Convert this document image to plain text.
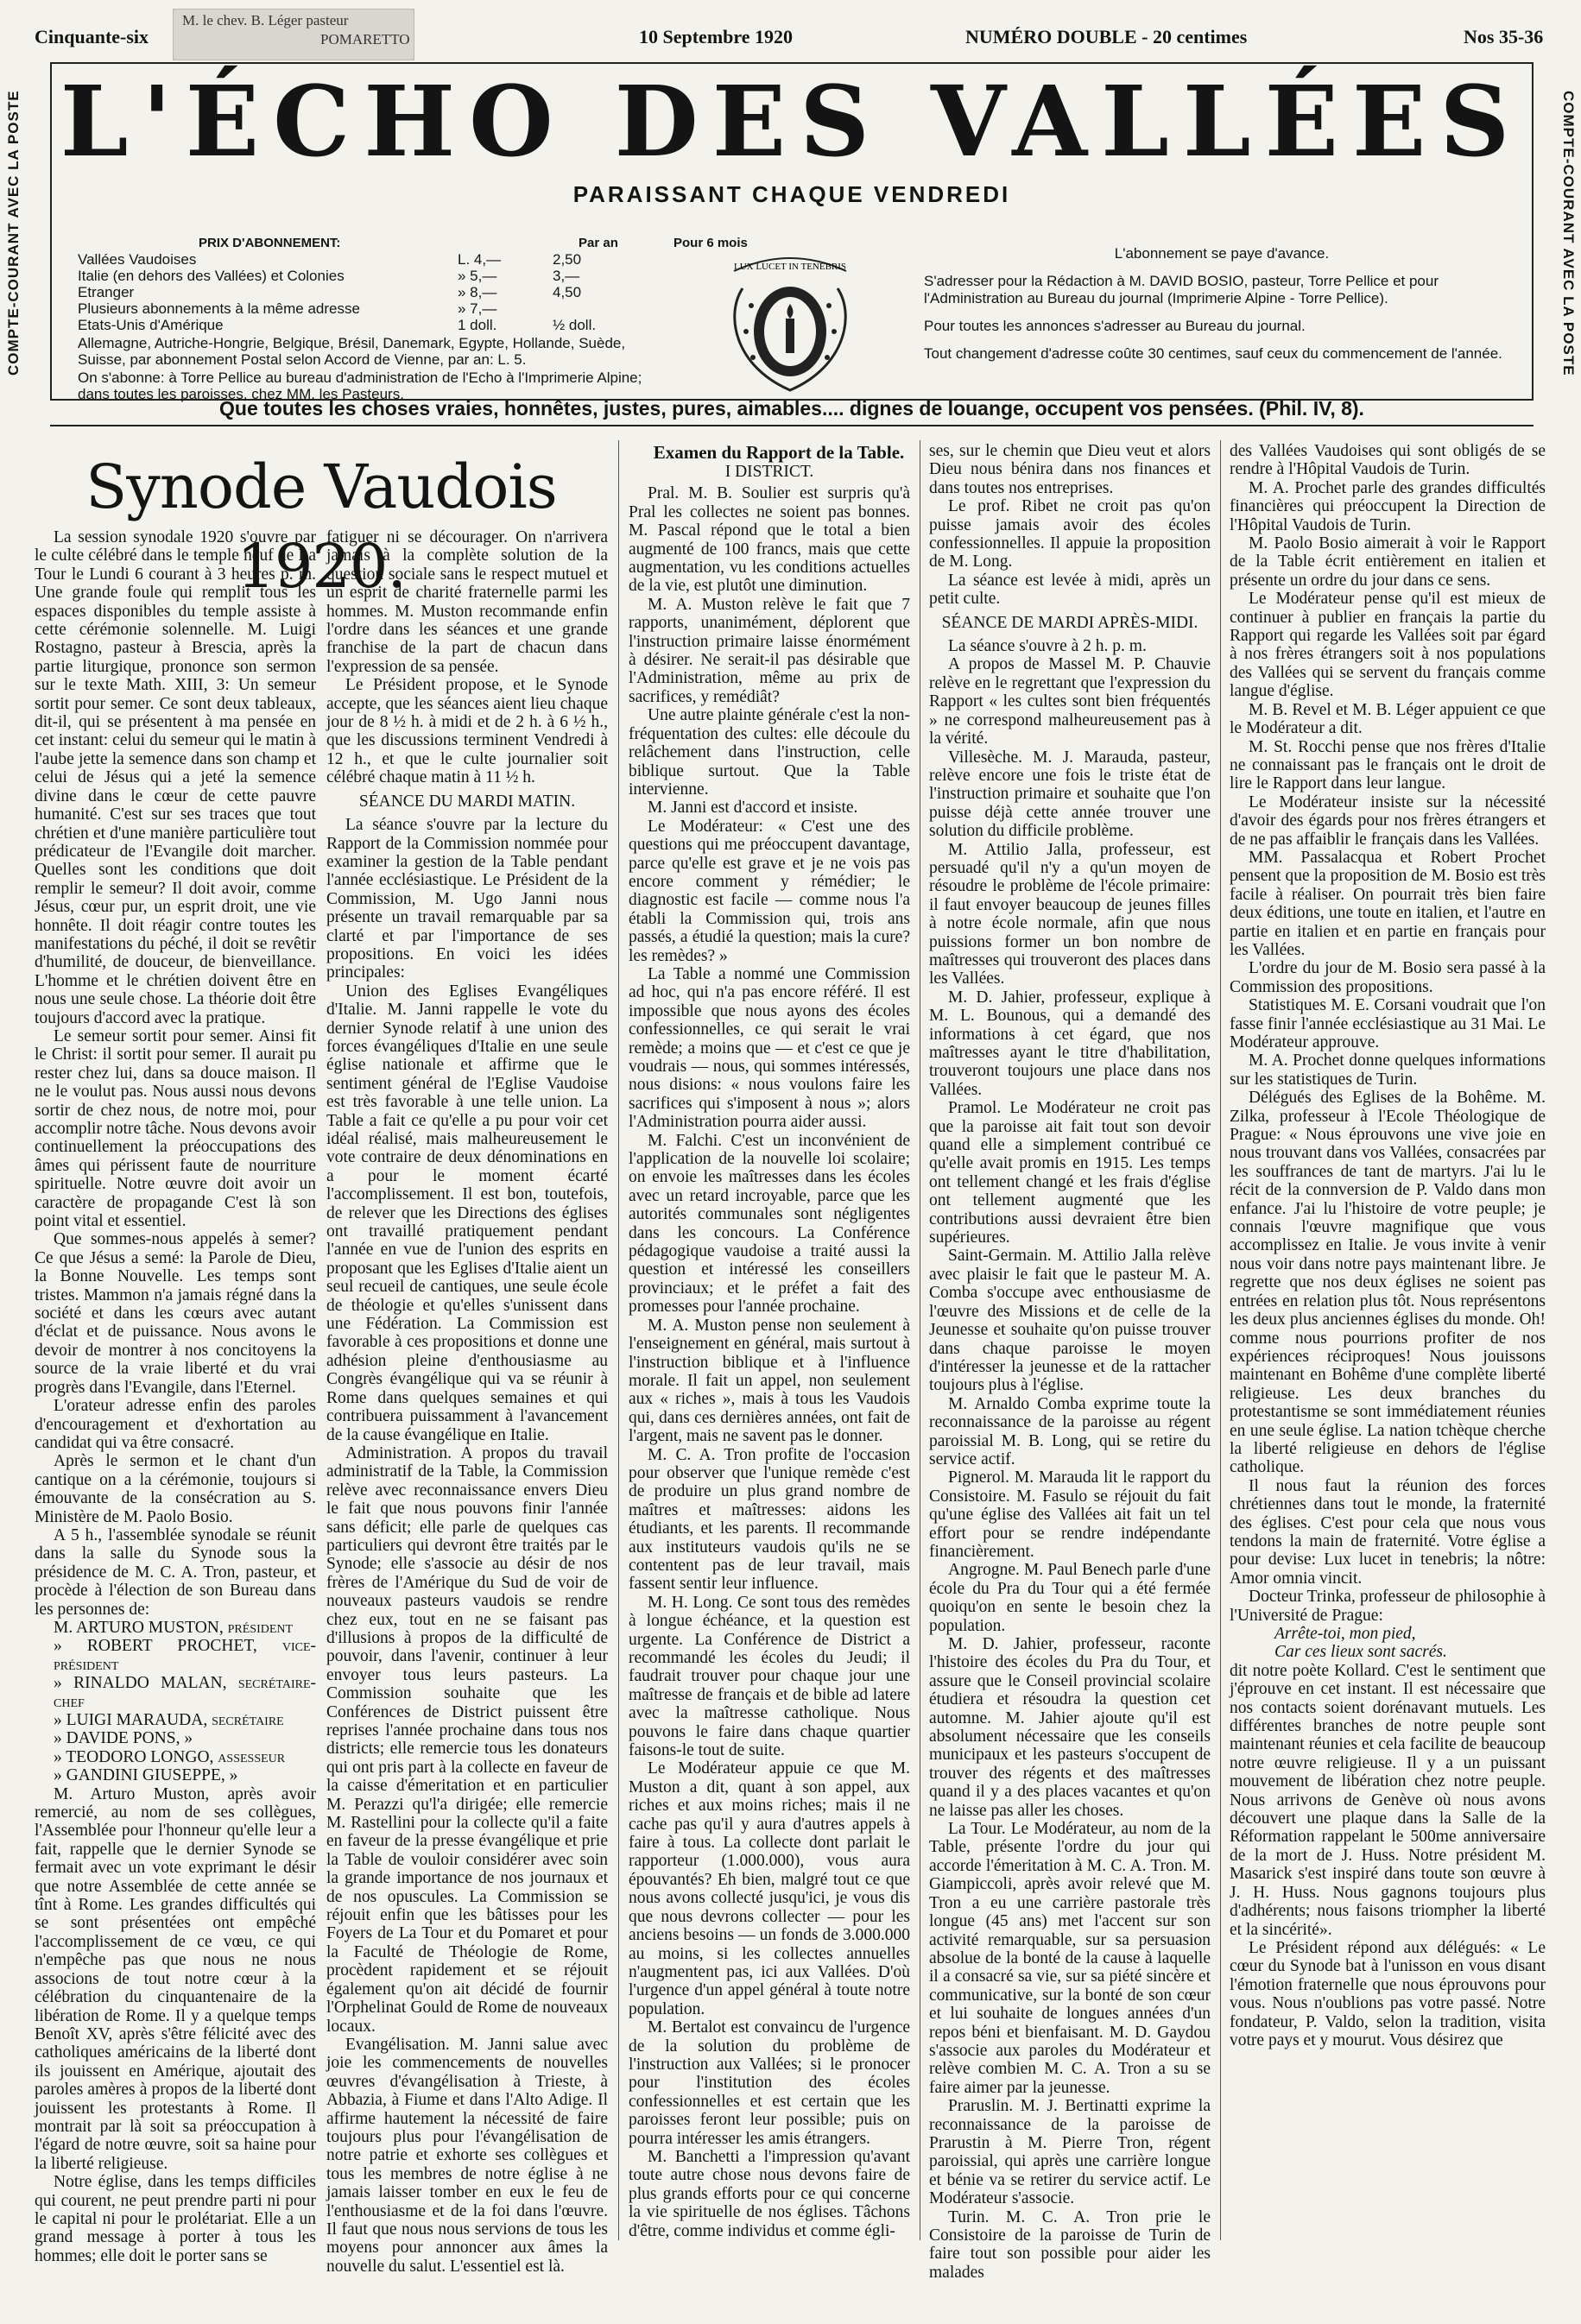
Cinquante-six	10 Septembre 1920	NUMÉRO DOUBLE - 20 centimes	Nos 35-36
M. le chev. B. Léger pasteur
POMARETTO
COMPTE-COURANT AVEC LA POSTE	COMPTE-COURANT AVEC LA POSTE
L'ÉCHO DES VALLÉES
PARAISSANT CHAQUE VENDREDI
PRIX D'ABONNEMENT:	Par an	Pour 6 mois
Vallées Vaudoises	L. 4,—	2,50
Italie (en dehors des Vallées) et Colonies	» 5,—	3,—
Etranger	» 8,—	4,50
Plusieurs abonnements à la même adresse	» 7,—
Etats-Unis d'Amérique	1 doll.	½ doll.
Allemagne, Autriche-Hongrie, Belgique, Brésil, Danemark, Egypte, Hollande, Suède, Suisse, par abonnement Postal selon Accord de Vienne, par an: L. 5.
On s'abonne: à Torre Pellice au bureau d'administration de l'Echo à l'Imprimerie Alpine; dans toutes les paroisses, chez MM. les Pasteurs.
LUX LUCET IN TENEBRIS

L'abonnement se paye d'avance.

S'adresser pour la Rédaction à M. DAVID BOSIO, pasteur, Torre Pellice et pour l'Administration au Bureau du journal (Imprimerie Alpine - Torre Pellice).

Pour toutes les annonces s'adresser au Bureau du journal.

Tout changement d'adresse coûte 30 centimes, sauf ceux du commencement de l'année.

Que toutes les choses vraies, honnêtes, justes, pures, aimables.... dignes de louange, occupent vos pensées. (Phil. IV, 8).
Synode Vaudois 1920.

La session synodale 1920 s'ouvre par le culte célébré dans le temple neuf de La Tour le Lundi 6 courant à 3 heures p. m. Une grande foule qui remplit tous les espaces disponibles du temple assiste à cette cérémonie solennelle. M. Luigi Rostagno, pasteur à Brescia, après la partie liturgique, prononce son sermon sur le texte Math. XIII, 3: Un semeur sortit pour semer. Ce sont deux tableaux, dit-il, qui se présentent à ma pensée en cet instant: celui du semeur qui le matin à l'aube jette la semence dans son champ et celui de Jésus qui a jeté la semence divine dans le cœur de cette pauvre humanité. C'est sur ses traces que tout chrétien et d'une manière particulière tout prédicateur de l'Evangile doit marcher. Quelles sont les conditions que doit remplir le semeur? Il doit avoir, comme Jésus, cœur pur, un esprit droit, une vie honnête. Il doit réagir contre toutes les manifestations du péché, il doit se revêtir d'humilité, de douceur, de bienveillance. L'homme et le chrétien doivent être en nous une seule chose. La théorie doit être toujours d'accord avec la pratique.

Le semeur sortit pour semer. Ainsi fit le Christ: il sortit pour semer. Il aurait pu rester chez lui, dans sa douce maison. Il ne le voulut pas. Nous aussi nous devons sortir de chez nous, de notre moi, pour accomplir notre tâche. Nous devons avoir continuellement la préoccupations des âmes qui périssent faute de nourriture spirituelle. Notre œuvre doit avoir un caractère de propagande C'est là son point vital et essentiel.

Que sommes-nous appelés à semer? Ce que Jésus a semé: la Parole de Dieu, la Bonne Nouvelle. Les temps sont tristes. Mammon n'a jamais régné dans la société et dans les cœurs avec autant d'éclat et de puissance. Nous avons le devoir de montrer à nos concitoyens la source de la vraie liberté et du vrai progrès dans l'Evangile, dans l'Eternel.

L'orateur adresse enfin des paroles d'encouragement et d'exhortation au candidat qui va être consacré.

Après le sermon et le chant d'un cantique on a la cérémonie, toujours si émouvante de la consécration au S. Ministère de M. Paolo Bosio.

A 5 h., l'assemblée synodale se réunit dans la salle du Synode sous la présidence de M. C. A. Tron, pasteur, et procède à l'élection de son Bureau dans les personnes de:

M. ARTURO MUSTON, président

» ROBERT PROCHET, vice-président

» RINALDO MALAN, secrétaire-chef

» LUIGI MARAUDA, secrétaire

» DAVIDE PONS, »

» TEODORO LONGO, assesseur

» GANDINI GIUSEPPE, »

M. Arturo Muston, après avoir remercié, au nom de ses collègues, l'Assemblée pour l'honneur qu'elle leur a fait, rappelle que le dernier Synode se fermait avec un vote exprimant le désir que notre Assemblée de cette année se tînt à Rome. Les grandes difficultés qui se sont présentées ont empêché l'accomplissement de ce vœu, ce qui n'empêche pas que nous ne nous associons de tout notre cœur à la célébration du cinquantenaire de la libération de Rome. Il y a quelque temps Benoît XV, après s'être félicité avec des catholiques américains de la liberté dont ils jouissent en Amérique, ajoutait des paroles amères à propos de la liberté dont jouissent les protestants à Rome. Il montrait par là soit sa préoccupation à l'égard de notre œuvre, soit sa haine pour la liberté religieuse.

Notre église, dans les temps difficiles qui courent, ne peut prendre parti ni pour le capital ni pour le prolétariat. Elle a un grand message à porter à tous les hommes; elle doit le porter sans se

fatiguer ni se décourager. On n'arrivera jamais à la complète solution de la question sociale sans le respect mutuel et un esprit de charité fraternelle parmi les hommes. M. Muston recommande enfin l'ordre dans les séances et une grande franchise de la part de chacun dans l'expression de sa pensée.

Le Président propose, et le Synode accepte, que les séances aient lieu chaque jour de 8 ½ h. à midi et de 2 h. à 6 ½ h., que les discussions terminent Vendredi à 12 h., et que le culte journalier soit célébré chaque matin à 11 ½ h.

SÉANCE DU MARDI MATIN.

La séance s'ouvre par la lecture du Rapport de la Commission nommée pour examiner la gestion de la Table pendant l'année ecclésiastique. Le Président de la Commission, M. Ugo Janni nous présente un travail remarquable par sa clarté et par l'importance de ses propositions. En voici les idées principales:

Union des Eglises Evangéliques d'Italie. M. Janni rappelle le vote du dernier Synode relatif à une union des forces évangéliques d'Italie en une seule église nationale et affirme que le sentiment général de l'Eglise Vaudoise est très favorable à une telle union. La Table a fait ce qu'elle a pu pour voir cet idéal réalisé, mais malheureusement le vote contraire de deux dénominations en a pour le moment écarté l'accomplissement. Il est bon, toutefois, de relever que les Directions des églises ont travaillé pratiquement pendant l'année en vue de l'union des esprits en proposant que les Eglises d'Italie aient un seul recueil de cantiques, une seule école de théologie et qu'elles s'unissent dans une Fédération. La Commission est favorable à ces propositions et donne une adhésion pleine d'enthousiasme au Congrès évangélique qui va se réunir à Rome dans quelques semaines et qui contribuera puissamment à l'avancement de la cause évangélique en Italie.

Administration. A propos du travail administratif de la Table, la Commission relève avec reconnaissance envers Dieu le fait que nous pouvons finir l'année sans déficit; elle parle de quelques cas particuliers qui devront être traités par le Synode; elle s'associe au désir de nos frères de l'Amérique du Sud de voir de nouveaux pasteurs vaudois se rendre chez eux, tout en ne se faisant pas d'illusions à propos de la difficulté de pouvoir, dans l'avenir, continuer à leur envoyer tous leurs pasteurs. La Commission souhaite que les Conférences de District puissent être reprises l'année prochaine dans tous nos districts; elle remercie tous les donateurs qui ont pris part à la collecte en faveur de la caisse d'émeritation et en particulier M. Perazzi qu'l'a dirigée; elle remercie M. Rastellini pour la collecte qu'il a faite en faveur de la presse évangélique et prie la Table de vouloir considérer avec soin la grande importance de nos journaux et de nos opuscules. La Commission se réjouit enfin que les bâtisses pour les Foyers de La Tour et du Pomaret et pour la Faculté de Théologie de Rome, procèdent rapidement et se réjouit également qu'on ait décidé de fournir l'Orphelinat Gould de Rome de nouveaux locaux.

Evangélisation. M. Janni salue avec joie les commencements de nouvelles œuvres d'évangélisation à Trieste, à Abbazia, à Fiume et dans l'Alto Adige. Il affirme hautement la nécessité de faire toujours plus pour l'évangélisation de notre patrie et exhorte ses collègues et tous les membres de notre église à ne jamais laisser tomber en eux le feu de l'enthousiasme et de la foi dans l'œuvre. Il faut que nous nous servions de tous les moyens pour annoncer aux âmes la nouvelle du salut. L'essentiel est là.

Examen du Rapport de la Table.

I DISTRICT.

Pral. M. B. Soulier est surpris qu'à Pral les collectes ne soient pas bonnes. M. Pascal répond que le total a bien augmenté de 100 francs, mais que cette augmentation, vu les conditions actuelles de la vie, est plutôt une diminution.

M. A. Muston relève le fait que 7 rapports, unanimément, déplorent que l'instruction primaire laisse énormément à désirer. Ne serait-il pas désirable que l'Administration, même au prix de sacrifices, y remédiât?

Une autre plainte générale c'est la non-fréquentation des cultes: elle découle du relâchement dans l'instruction, celle biblique surtout. Que la Table intervienne.

M. Janni est d'accord et insiste.

Le Modérateur: « C'est une des questions qui me préoccupent davantage, parce qu'elle est grave et je ne vois pas encore comment y rémédier; le diagnostic est facile — comme nous l'a établi la Commission qui, trois ans passés, a étudié la question; mais la cure? les remèdes? »

La Table a nommé une Commission ad hoc, qui n'a pas encore référé. Il est impossible que nous ayons des écoles confessionnelles, ce qui serait le vrai remède; a moins que — et c'est ce que je voudrais — nous, qui sommes intéressés, nous disions: « nous voulons faire les sacrifices qui s'imposent à nous »; alors l'Administration pourra aider aussi.

M. Falchi. C'est un inconvénient de l'application de la nouvelle loi scolaire; on envoie les maîtresses dans les écoles avec un retard incroyable, parce que les autorités communales sont négligentes dans les concours. La Conférence pédagogique vaudoise a traité aussi la question et intéressé les conseillers provinciaux; et le préfet a fait des promesses pour l'année prochaine.

M. A. Muston pense non seulement à l'enseignement en général, mais surtout à l'instruction biblique et à l'influence morale. Il fait un appel, non seulement aux « riches », mais à tous les Vaudois qui, dans ces dernières années, ont fait de l'argent, mais ne savent pas le donner.

M. C. A. Tron profite de l'occasion pour observer que l'unique remède c'est de produire un plus grand nombre de maîtres et maîtresses: aidons les étudiants, et les parents. Il recommande aux instituteurs vaudois qu'ils ne se contentent pas de leur travail, mais fassent sentir leur influence.

M. H. Long. Ce sont tous des remèdes à longue échéance, et la question est urgente. La Conférence de District a recommandé les écoles du Jeudi; il faudrait trouver pour chaque jour une maîtresse de français et de bible ad latere avec la maîtresse catholique. Nous pouvons le faire dans chaque quartier faisons-le tout de suite.

Le Modérateur appuie ce que M. Muston a dit, quant à son appel, aux riches et aux moins riches; mais il ne cache pas qu'il y aura d'autres appels à faire à tous. La collecte dont parlait le rapporteur (1.000.000), vous aura épouvantés? Eh bien, malgré tout ce que nous avons collecté jusqu'ici, je vous dis que nous devrons collecter — pour les anciens besoins — un fonds de 3.000.000 au moins, si les collectes annuelles n'augmentent pas, ici aux Vallées. D'où l'urgence d'un appel général à toute notre population.

M. Bertalot est convaincu de l'urgence de la solution du problème de l'instruction aux Vallées; si le pronocer pour l'institution des écoles confessionnelles et est certain que les paroisses feront leur possible; puis on pourra intéresser les amis étrangers.

M. Banchetti a l'impression qu'avant toute autre chose nous devons faire de plus grands efforts pour ce qui concerne la vie spirituelle de nos églises. Tâchons d'être, comme individus et comme égli-

ses, sur le chemin que Dieu veut et alors Dieu nous bénira dans nos finances et dans toutes nos entreprises.

Le prof. Ribet ne croit pas qu'on puisse jamais avoir des écoles confessionnelles. Il appuie la proposition de M. Long.

La séance est levée à midi, après un petit culte.

SÉANCE DE MARDI APRÈS-MIDI.

La séance s'ouvre à 2 h. p. m.

A propos de Massel M. P. Chauvie relève en le regrettant que l'expression du Rapport « les cultes sont bien fréquentés » ne correspond malheureusement pas à la vérité.

Villesèche. M. J. Marauda, pasteur, relève encore une fois le triste état de l'instruction primaire et souhaite que l'on puisse déjà cette année trouver une solution du difficile problème.

M. Attilio Jalla, professeur, est persuadé qu'il n'y a qu'un moyen de résoudre le problème de l'école primaire: il faut envoyer beaucoup de jeunes filles à notre école normale, afin que nous puissions former un bon nombre de maîtresses qui trouveront des places dans les Vallées.

M. D. Jahier, professeur, explique à M. L. Bounous, qui a demandé des informations à cet égard, que nos maîtresses ayant le titre d'habilitation, trouveront toujours une place dans nos Vallées.

Pramol. Le Modérateur ne croit pas que la paroisse ait fait tout son devoir quand elle a simplement contribué ce qu'elle avait promis en 1915. Les temps ont tellement changé et les frais d'église ont tellement augmenté que les contributions aussi devraient être bien supérieures.

Saint-Germain. M. Attilio Jalla relève avec plaisir le fait que le pasteur M. A. Comba s'occupe avec enthousiasme de l'œuvre des Missions et de celle de la Jeunesse et souhaite qu'on puisse trouver dans chaque paroisse le moyen d'intéresser la jeunesse et de la rattacher toujours plus à l'église.

M. Arnaldo Comba exprime toute la reconnaissance de la paroisse au régent paroissial M. B. Long, qui se retire du service actif.

Pignerol. M. Marauda lit le rapport du Consistoire. M. Fasulo se réjouit du fait qu'une église des Vallées ait fait un tel effort pour se rendre indépendante financièrement.

Angrogne. M. Paul Benech parle d'une école du Pra du Tour qui a été fermée quoiqu'on en sente le besoin chez la population.

M. D. Jahier, professeur, raconte l'histoire des écoles du Pra du Tour, et assure que le Conseil provincial scolaire étudiera et résoudra la question cet automne. M. Jahier ajoute qu'il est absolument nécessaire que les conseils municipaux et les pasteurs s'occupent de trouver des régents et des maîtresses quand il y a des places vacantes et qu'on ne laisse pas aller les choses.

La Tour. Le Modérateur, au nom de la Table, présente l'ordre du jour qui accorde l'émeritation à M. C. A. Tron. M. Giampiccoli, après avoir relevé que M. Tron a eu une carrière pastorale très longue (45 ans) met l'accent sur son activité remarquable, sur sa persuasion absolue de la bonté de la cause à laquelle il a consacré sa vie, sur sa piété sincère et communicative, sur la bonté de son cœur et lui souhaite de longues années d'un repos béni et bienfaisant. M. D. Gaydou s'associe aux paroles du Modérateur et relève combien M. C. A. Tron a su se faire aimer par la jeunesse.

Praruslin. M. J. Bertinatti exprime la reconnaissance de la paroisse de Prarustin à M. Pierre Tron, régent paroissial, qui après une carrière longue et bénie va se retirer du service actif. Le Modérateur s'associe.

Turin. M. C. A. Tron prie le Consistoire de la paroisse de Turin de faire tout son possible pour aider les malades

des Vallées Vaudoises qui sont obligés de se rendre à l'Hôpital Vaudois de Turin.

M. A. Prochet parle des grandes difficultés financières qui préoccupent la Direction de l'Hôpital Vaudois de Turin.

M. Paolo Bosio aimerait à voir le Rapport de la Table écrit entièrement en italien et présente un ordre du jour dans ce sens.

Le Modérateur pense qu'il est mieux de continuer à publier en français la partie du Rapport qui regarde les Vallées soit par égard à nos frères étrangers soit à nos populations des Vallées qui se servent du français comme langue d'église.

M. B. Revel et M. B. Léger appuient ce que le Modérateur a dit.

M. St. Rocchi pense que nos frères d'Italie ne connaissant pas le français ont le droit de lire le Rapport dans leur langue.

Le Modérateur insiste sur la nécessité d'avoir des égards pour nos frères étrangers et de ne pas affaiblir le français dans les Vallées.

MM. Passalacqua et Robert Prochet pensent que la proposition de M. Bosio est très facile à réaliser. On pourrait très bien faire deux éditions, une toute en italien, et l'autre en partie en italien et en partie en français pour les Vallées.

L'ordre du jour de M. Bosio sera passé à la Commission des propositions.

Statistiques M. E. Corsani voudrait que l'on fasse finir l'année ecclésiastique au 31 Mai. Le Modérateur approuve.

M. A. Prochet donne quelques informations sur les statistiques de Turin.

Délégués des Eglises de la Bohême. M. Zilka, professeur à l'Ecole Théologique de Prague: « Nous éprouvons une vive joie en nous trouvant dans vos Vallées, consacrées par les souffrances de tant de martyrs. J'ai lu le récit de la connversion de P. Valdo dans mon enfance. J'ai lu l'histoire de votre peuple; je connais l'œuvre magnifique que vous accomplissez en Italie. Je vous invite à venir nous voir dans notre pays maintenant libre. Je regrette que nos deux églises ne soient pas entrées en relation plus tôt. Nous représentons les deux plus anciennes églises du monde. Oh! comme nous pourrions profiter de nos expériences réciproques! Nous jouissons maintenant en Bohême d'une complète liberté religieuse. Les deux branches du protestantisme se sont immédiatement réunies en une seule église. La nation tchèque cherche la liberté religieuse en dehors de l'église catholique.

Il nous faut la réunion des forces chrétiennes dans tout le monde, la fraternité des églises. C'est pour cela que nous vous tendons la main de fraternité. Votre église a pour devise: Lux lucet in tenebris; la nôtre: Amor omnia vincit.

Docteur Trinka, professeur de philosophie à l'Université de Prague:

Arrête-toi, mon pied,

Car ces lieux sont sacrés.

dit notre poète Kollard. C'est le sentiment que j'éprouve en cet instant. Il est nécessaire que nos contacts soient dorénavant mutuels. Les différentes branches de notre peuple sont maintenant réunies et cela facilite de beaucoup notre œuvre religieuse. Il y a un puissant mouvement de libération chez notre peuple. Nous arrivons de Genève où nous avons découvert une plaque dans la Salle de la Réformation rappelant le 500me anniversaire de la mort de J. Huss. Notre président M. Masarick s'est inspiré dans toute son œuvre à J. H. Huss. Nous gagnons toujours plus d'adhérents; nous faisons triompher la liberté et la sincérité».

Le Président répond aux délégués: « Le cœur du Synode bat à l'unisson en vous disant l'émotion fraternelle que nous éprouvons pour vous. Nous n'oublions pas votre passé. Notre fondateur, P. Valdo, selon la tradition, visita votre pays et y mourut. Vous désirez que
